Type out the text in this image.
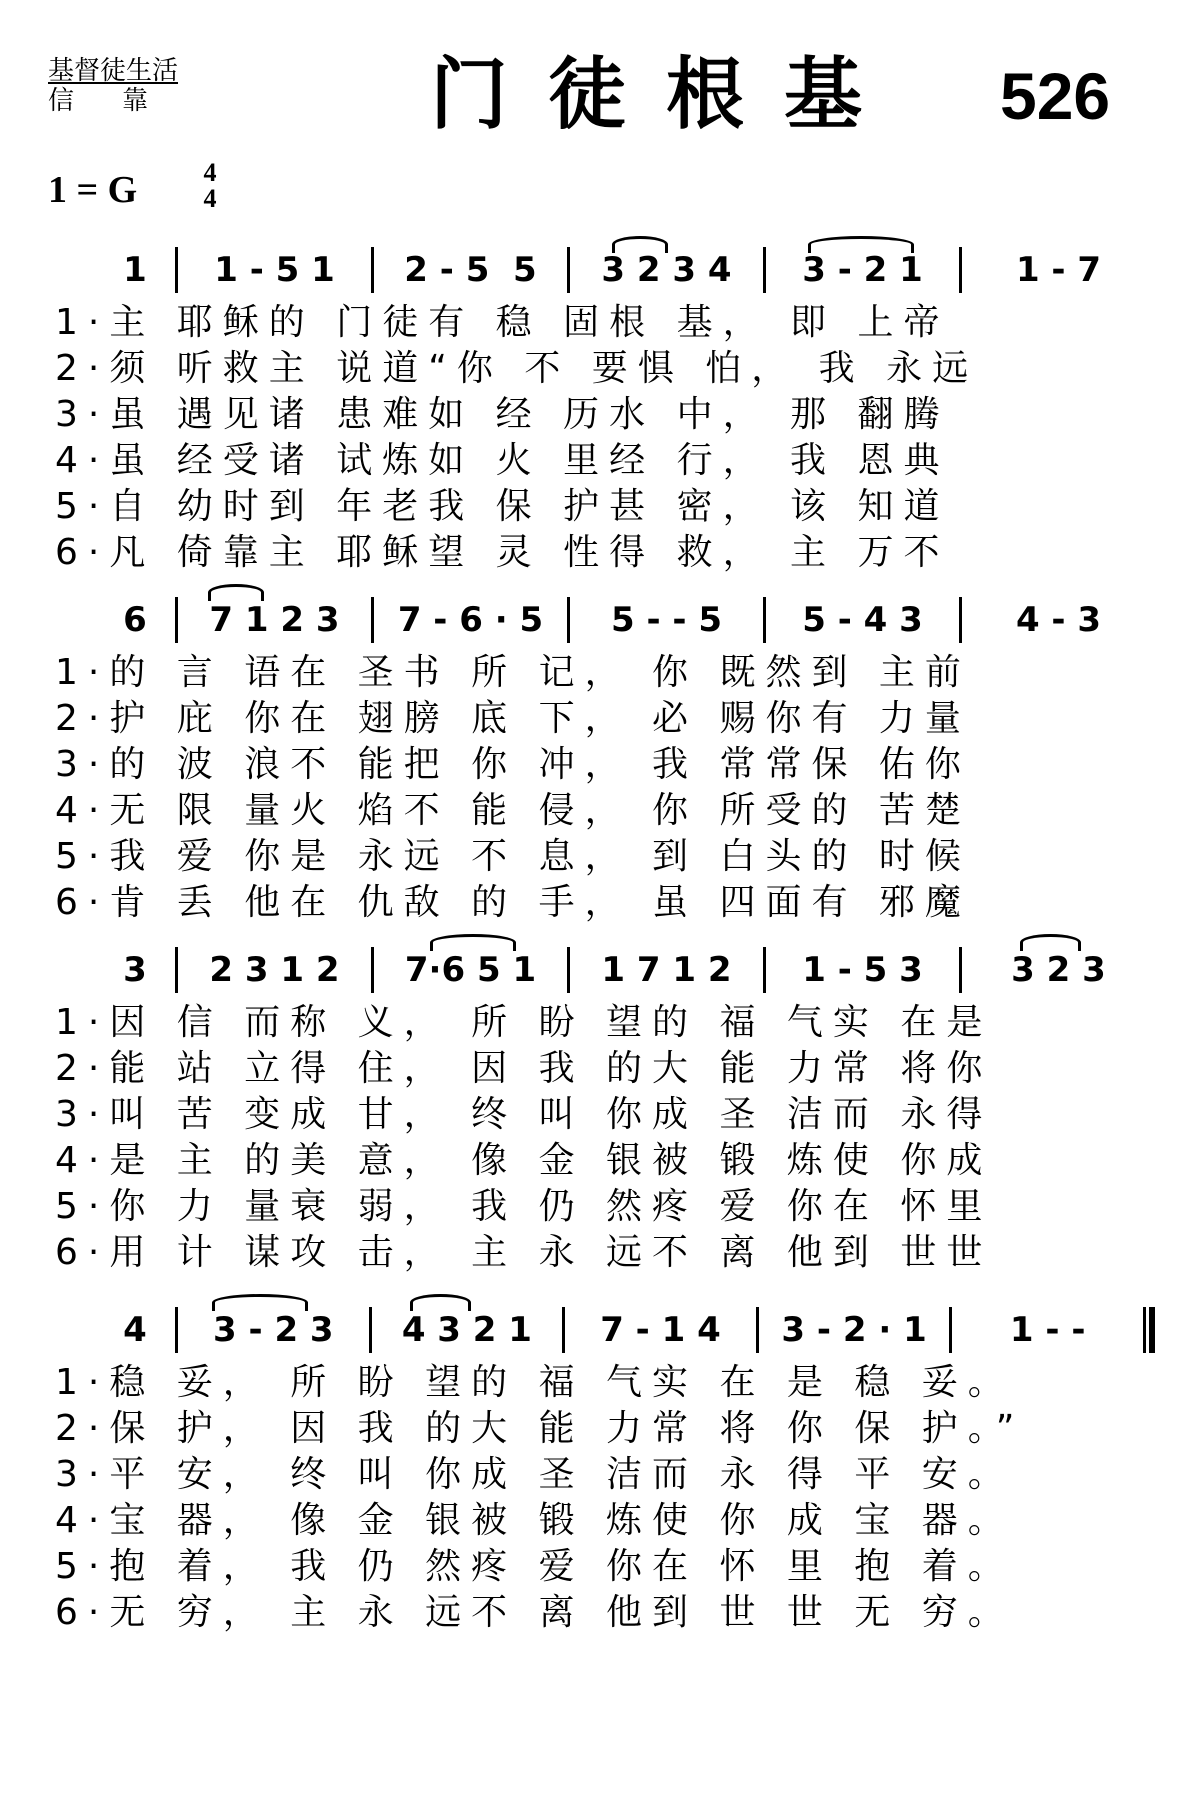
基督徒生活
信靠	门徒根基 526
1 = G	4
4
1	1 - 5 1	2 - 5  5	3 2 3 4	3 - 2 1	1 - 7
1·主 耶稣的 门徒有 稳 固根 基， 即 上帝
2·须 听救主 说道“你 不 要惧 怕， 我 永远
3·虽 遇见诸 患难如 经 历水 中， 那 翻腾
4·虽 经受诸 试炼如 火 里经 行， 我 恩典
5·自 幼时到 年老我 保 护甚 密， 该 知道
6·凡 倚靠主 耶稣望 灵 性得 救， 主 万不
6	7 1 2 3	7 - 6 · 5	5 - - 5	5 - 4 3	4 - 3
1·的 言 语在 圣书 所 记， 你 既然到 主前
2·护 庇 你在 翅膀 底 下， 必 赐你有 力量
3·的 波 浪不 能把 你 冲， 我 常常保 佑你
4·无 限 量火 焰不 能 侵， 你 所受的 苦楚
5·我 爱 你是 永远 不 息， 到 白头的 时候
6·肯 丢 他在 仇敌 的 手， 虽 四面有 邪魔
3	2 3 1 2	7·6 5 1	1 7 1 2	1 - 5 3	3 2 3
1·因 信 而称 义， 所 盼 望的 福 气实 在是
2·能 站 立得 住， 因 我 的大 能 力常 将你
3·叫 苦 变成 甘， 终 叫 你成 圣 洁而 永得
4·是 主 的美 意， 像 金 银被 锻 炼使 你成
5·你 力 量衰 弱， 我 仍 然疼 爱 你在 怀里
6·用 计 谋攻 击， 主 永 远不 离 他到 世世
4	3 - 2 3	4 3 2 1	7 - 1 4	3 - 2 · 1	1 - -
1·稳 妥， 所 盼 望的 福 气实 在 是 稳 妥。
2·保 护， 因 我 的大 能 力常 将 你 保 护。”
3·平 安， 终 叫 你成 圣 洁而 永 得 平 安。
4·宝 器， 像 金 银被 锻 炼使 你 成 宝 器。
5·抱 着， 我 仍 然疼 爱 你在 怀 里 抱 着。
6·无 穷， 主 永 远不 离 他到 世 世 无 穷。
